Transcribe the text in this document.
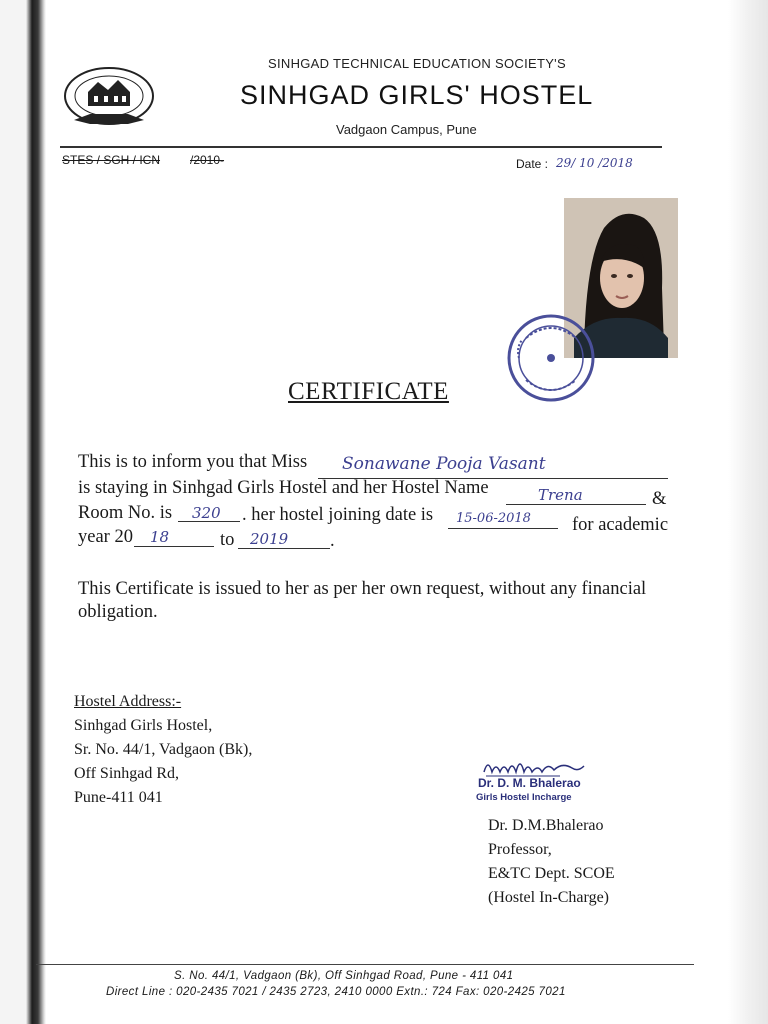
SINHGAD TECHNICAL EDUCATION SOCIETY'S
SINHGAD GIRLS' HOSTEL
Vadgaon Campus, Pune
STES / SGH / ICN /2010-	Date : 29/ 10 /2018
CERTIFICATE
This is to inform you that Miss Sonawane Pooja Vasant
is staying in Sinhgad Girls Hostel and her Hostel Name	Trena	&
Room No. is 320 . her hostel joining date is 15-06-2018 for academic
year 20 18	to 2019 .
This Certificate is issued to her as per her own request, without any financial
obligation.
Hostel Address:-
Sinhgad Girls Hostel,
Sr. No. 44/1, Vadgaon (Bk),
Off Sinhgad Rd,
Pune-411 041
Dr. D. M. Bhalerao
Girls Hostel Incharge
Dr. D.M.Bhalerao
Professor,
E&TC Dept. SCOE
(Hostel In-Charge)
S. No. 44/1, Vadgaon (Bk), Off Sinhgad Road, Pune - 411 041
Direct Line : 020-2435 7021 / 2435 2723, 2410 0000 Extn.: 724 Fax: 020-2425 7021
